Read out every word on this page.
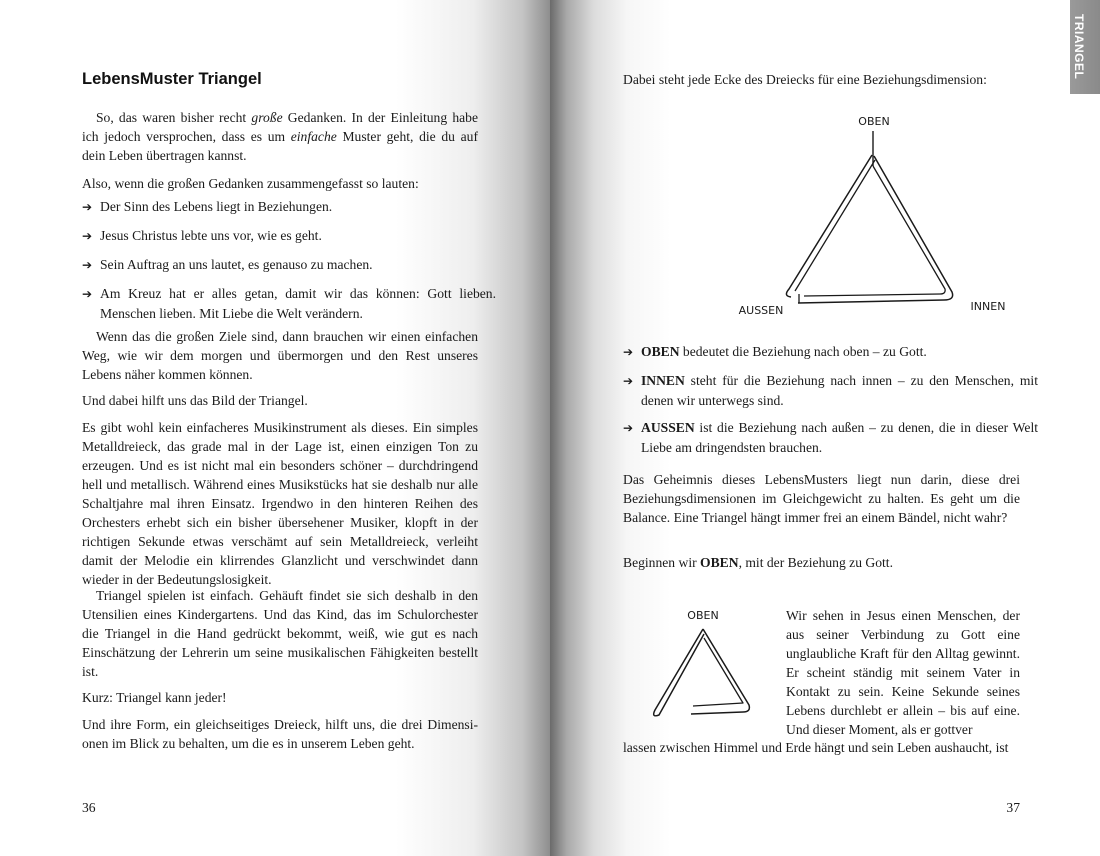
LebensMuster Triangel

So, das waren bisher recht große Gedanken. In der Einleitung habe ich jedoch versprochen, dass es um einfache Muster geht, die du auf dein Leben übertragen kannst.

Also, wenn die großen Gedanken zusammengefasst so lauten:

➔ Der Sinn des Lebens liegt in Beziehungen.

➔ Jesus Christus lebte uns vor, wie es geht.

➔ Sein Auftrag an uns lautet, es genauso zu machen.

➔ Am Kreuz hat er alles getan, damit wir das können: Gott lieben. Menschen lieben. Mit Liebe die Welt verändern.

Wenn das die großen Ziele sind, dann brauchen wir einen einfachen Weg, wie wir dem morgen und übermorgen und den Rest unseres Lebens näher kommen können.

Und dabei hilft uns das Bild der Triangel.

Es gibt wohl kein einfacheres Musikinstrument als dieses. Ein simples Metalldreieck, das grade mal in der Lage ist, einen einzigen Ton zu erzeugen. Und es ist nicht mal ein besonders schöner – durchdringend hell und metallisch. Während eines Musikstücks hat sie deshalb nur alle Schaltjahre mal ihren Einsatz. Irgendwo in den hinteren Reihen des Orchesters erhebt sich ein bisher übersehener Musiker, klopft in der richtigen Sekunde etwas verschämt auf sein Metalldreieck, verleiht damit der Melodie ein klirrendes Glanzlicht und verschwindet dann wieder in der Bedeutungslosigkeit.

Triangel spielen ist einfach. Gehäuft findet sie sich deshalb in den Utensilien eines Kindergartens. Und das Kind, das im Schulorchester die Triangel in die Hand gedrückt bekommt, weiß, wie gut es nach Einschätzung der Lehrerin um seine musikalischen Fähigkeiten bestellt ist.

Kurz: Triangel kann jeder!

Und ihre Form, ein gleichseitiges Dreieck, hilft uns, die drei Dimensionen im Blick zu behalten, um die es in unserem Leben geht.

36

Dabei steht jede Ecke des Dreiecks für eine Beziehungsdimension:

OBEN
AUSSEN	INNEN

➔ OBEN bedeutet die Beziehung nach oben – zu Gott.

➔ INNEN steht für die Beziehung nach innen – zu den Menschen, mit denen wir unterwegs sind.

➔ AUSSEN ist die Beziehung nach außen – zu denen, die in dieser Welt Liebe am dringendsten brauchen.

Das Geheimnis dieses LebensMusters liegt nun darin, diese drei Beziehungsdimensionen im Gleichgewicht zu halten. Es geht um die Balance. Eine Triangel hängt immer frei an einem Bändel, nicht wahr?

Beginnen wir OBEN, mit der Beziehung zu Gott.

OBEN	Wir sehen in Jesus einen Menschen, der aus seiner Verbindung zu Gott eine unglaubliche Kraft für den Alltag gewinnt. Er scheint ständig mit seinem Vater in Kontakt zu sein. Keine Sekunde seines Lebens durchlebt er allein – bis auf eine. Und dieser Moment, als er gottver

lassen zwischen Himmel und Erde hängt und sein Leben aushaucht, ist

37
TRIANGEL
